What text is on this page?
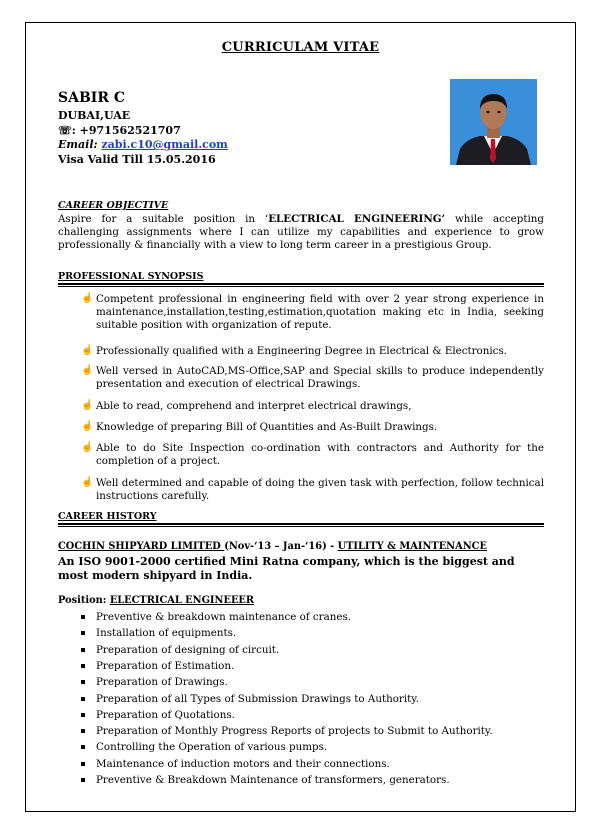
CURRICULAM VITAE
SABIR C
DUBAI,UAE
☏: +971562521707
Email: zabi.c10@gmail.com
Visa Valid Till 15.05.2016
CAREER OBJECTIVE
Aspire for a suitable position in ‘ELECTRICAL ENGINEERING’ while accepting challenging assignments where I can utilize my capabilities and experience to grow professionally & financially with a view to long term career in a prestigious Group.
PROFESSIONAL SYNOPSIS
☝ Competent professional in engineering field with over 2 year strong experience in maintenance,installation,testing,estimation,quotation making etc in India, seeking suitable position with organization of repute.
☝ Professionally qualified with a Engineering Degree in Electrical & Electronics.
☝ Well versed in AutoCAD,MS-Office,SAP and Special skills to produce independently presentation and execution of electrical Drawings.
☝ Able to read, comprehend and interpret electrical drawings,
☝ Knowledge of preparing Bill of Quantities and As-Built Drawings.
☝ Able to do Site Inspection co-ordination with contractors and Authority for the completion of a project.
☝ Well determined and capable of doing the given task with perfection, follow technical instructions carefully.
CAREER HISTORY
COCHIN SHIPYARD LIMITED (Nov-‘13 – Jan-‘16) - UTILITY & MAINTENANCE
An ISO 9001-2000 certified Mini Ratna company, which is the biggest and most modern shipyard in India.
Position: ELECTRICAL ENGINEEER
Preventive & breakdown maintenance of cranes.
Installation of equipments.
Preparation of designing of circuit.
Preparation of Estimation.
Preparation of Drawings.
Preparation of all Types of Submission Drawings to Authority.
Preparation of Quotations.
Preparation of Monthly Progress Reports of projects to Submit to Authority.
Controlling the Operation of various pumps.
Maintenance of induction motors and their connections.
Preventive & Breakdown Maintenance of transformers, generators.
